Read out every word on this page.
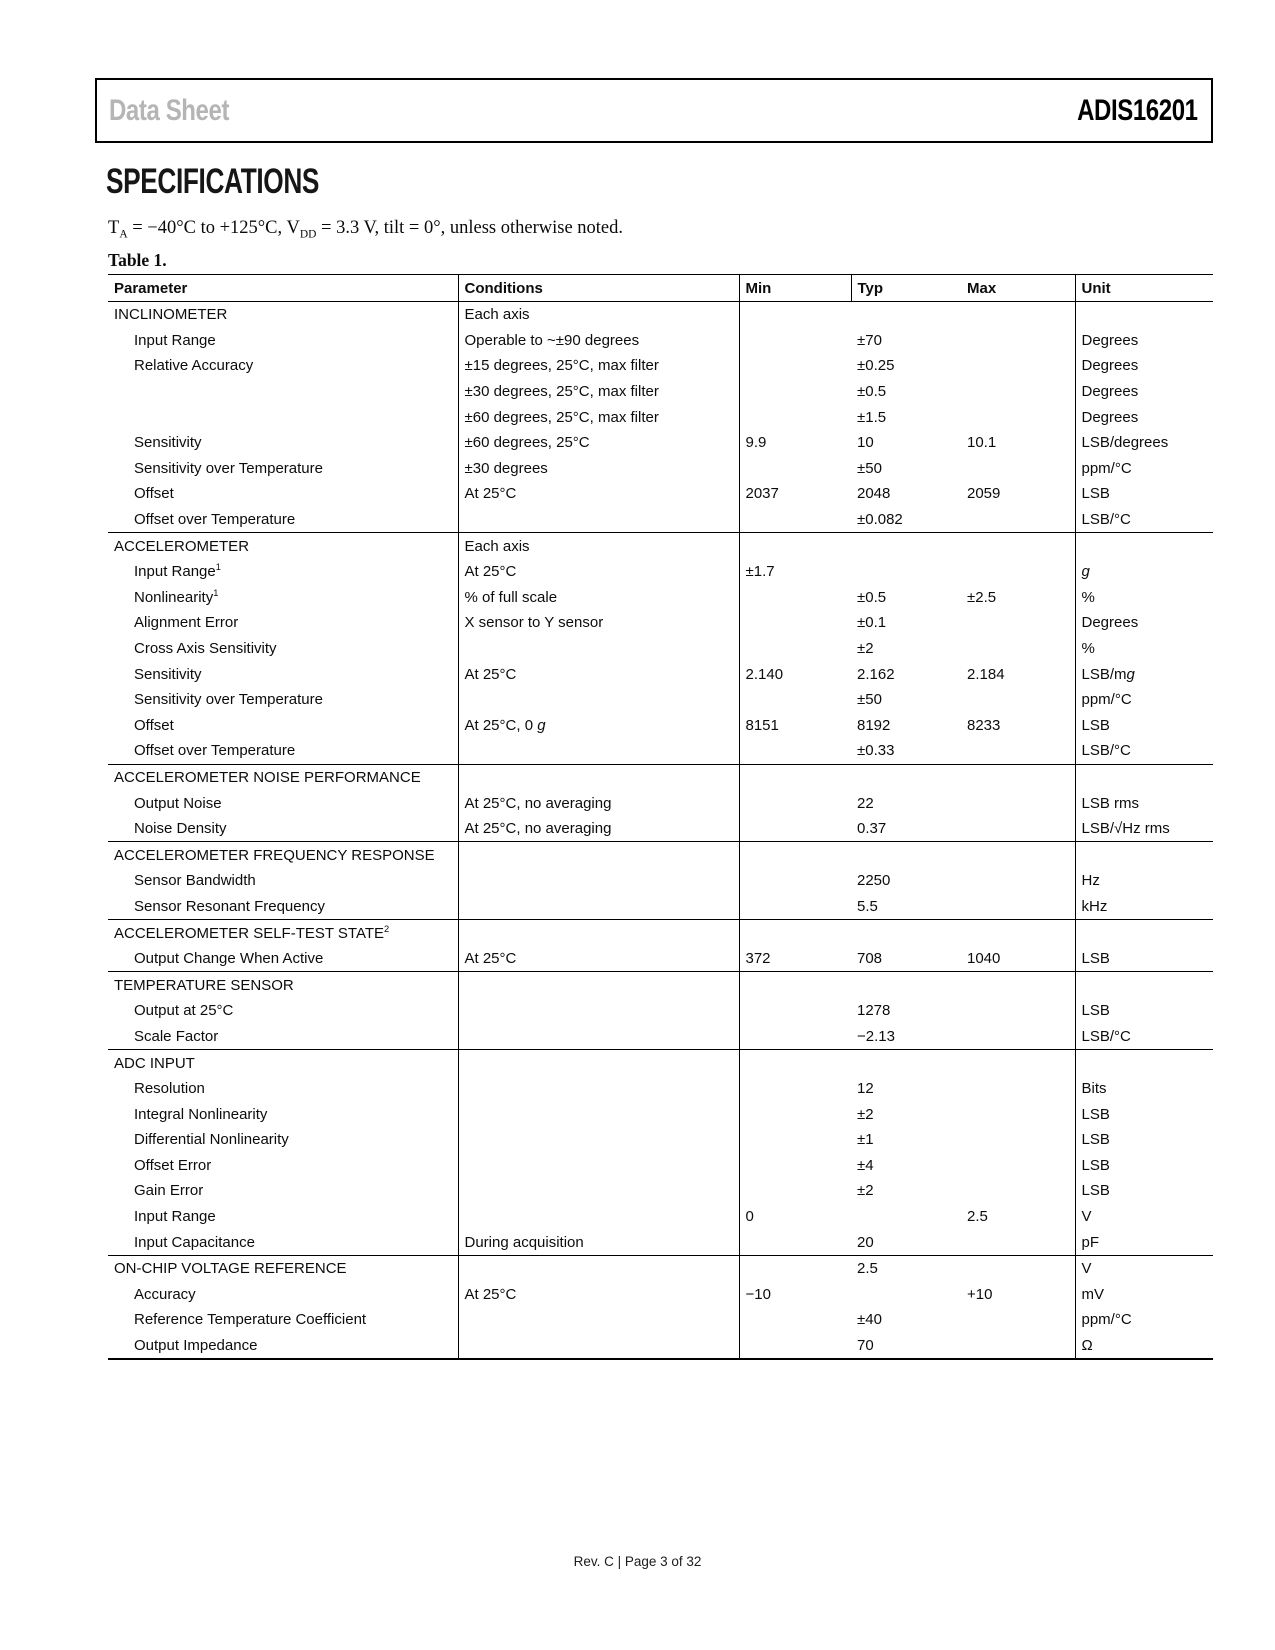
Data Sheet	ADIS16201
SPECIFICATIONS

$T_A = -40^\circ C$ to +125°C, $V_{DD} = 3.3$ V, tilt = 0°, unless otherwise noted.

Table 1.

Parameter	Conditions	Min	Typ	Max	Unit
INCLINOMETER	Each axis				
Input Range	Operable to ~±90 degrees		±70		Degrees
Relative Accuracy	±15 degrees, 25°C, max filter		±0.25		Degrees
	±30 degrees, 25°C, max filter		±0.5		Degrees
	±60 degrees, 25°C, max filter		±1.5		Degrees
Sensitivity	±60 degrees, 25°C	9.9	10	10.1	LSB/degrees
Sensitivity over Temperature	±30 degrees		±50		ppm/°C
Offset	At 25°C	2037	2048	2059	LSB
Offset over Temperature			±0.082		LSB/°C
ACCELEROMETER	Each axis				
Input Range$^1$	At 25°C	±1.7			g
Nonlinearity$^1$	% of full scale		±0.5	±2.5	%
Alignment Error	X sensor to Y sensor		±0.1		Degrees
Cross Axis Sensitivity			±2		%
Sensitivity	At 25°C	2.140	2.162	2.184	LSB/mg
Sensitivity over Temperature			±50		ppm/°C
Offset	At 25°C, 0 g	8151	8192	8233	LSB
Offset over Temperature			±0.33		LSB/°C
ACCELEROMETER NOISE PERFORMANCE					
Output Noise	At 25°C, no averaging		22		LSB rms
Noise Density	At 25°C, no averaging		0.37		LSB/√Hz rms
ACCELEROMETER FREQUENCY RESPONSE					
Sensor Bandwidth			2250		Hz
Sensor Resonant Frequency			5.5		kHz
ACCELEROMETER SELF-TEST STATE$^2$					
Output Change When Active	At 25°C	372	708	1040	LSB
TEMPERATURE SENSOR					
Output at 25°C			1278		LSB
Scale Factor			−2.13		LSB/°C
ADC INPUT					
Resolution			12		Bits
Integral Nonlinearity			±2		LSB
Differential Nonlinearity			±1		LSB
Offset Error			±4		LSB
Gain Error			±2		LSB
Input Range		0		2.5	V
Input Capacitance	During acquisition		20		pF
ON-CHIP VOLTAGE REFERENCE			2.5		V
Accuracy	At 25°C	−10		+10	mV
Reference Temperature Coefficient			±40		ppm/°C
Output Impedance			70		Ω
Rev. C | Page 3 of 32
